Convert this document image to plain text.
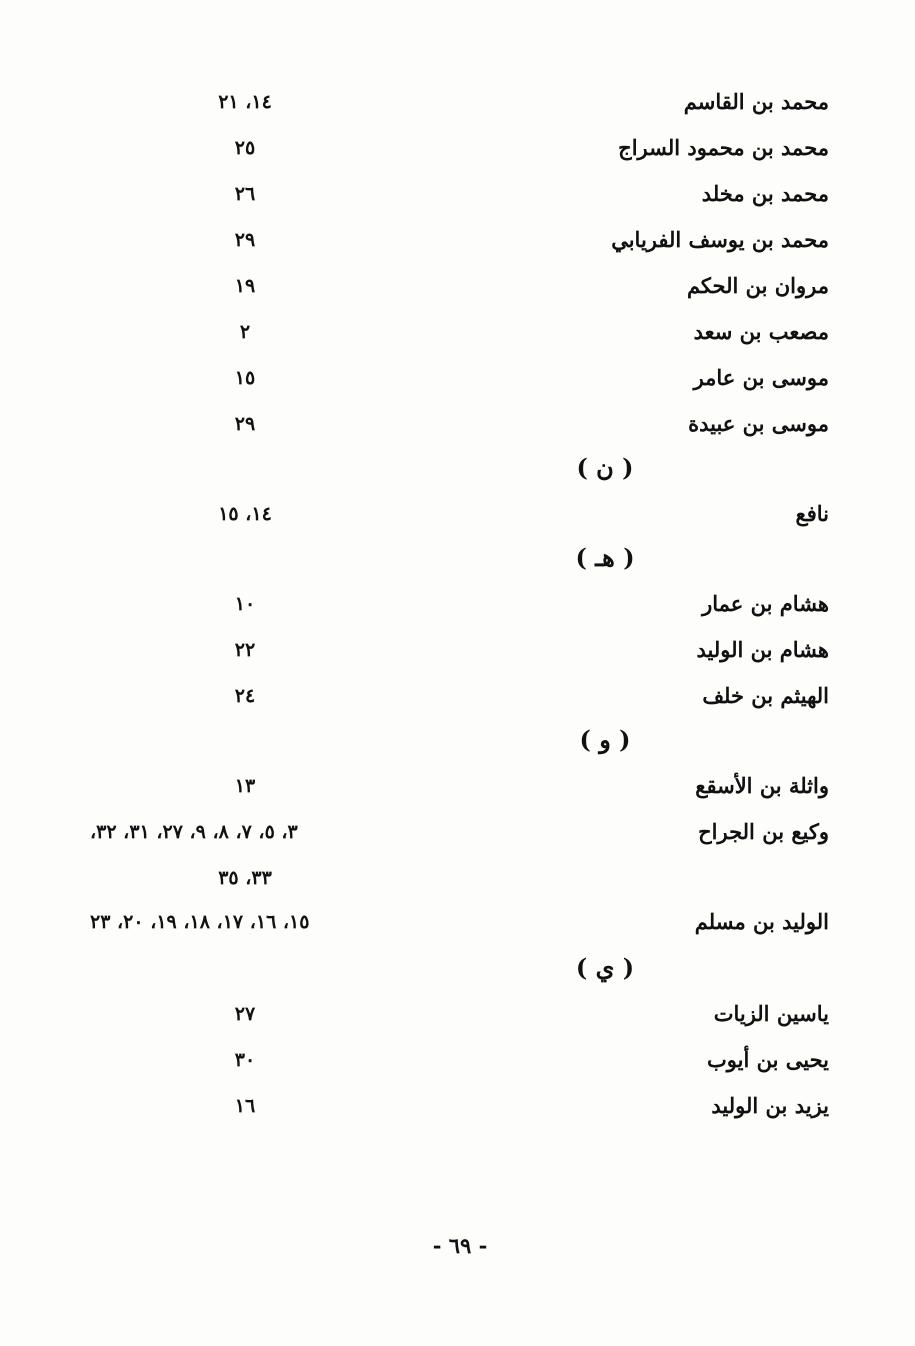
محمد بن القاسم
١٤، ٢١
محمد بن محمود السراج
٢٥
محمد بن مخلد
٢٦
محمد بن يوسف الفريابي
٢٩
مروان بن الحكم
١٩
مصعب بن سعد
٢
موسى بن عامر
١٥
موسى بن عبيدة
٢٩
( ن )
نافع
١٤، ١٥
( هـ )
هشام بن عمار
١٠
هشام بن الوليد
٢٢
الهيثم بن خلف
٢٤
( و )
واثلة بن الأسقع
١٣
وكيع بن الجراح
٣، ٥، ٧، ٨، ٩، ٢٧، ٣١، ٣٢،
٣٣، ٣٥
الوليد بن مسلم
١٥، ١٦، ١٧، ١٨، ١٩، ٢٠، ٢٣
( ي )
ياسين الزيات
٢٧
يحيى بن أيوب
٣٠
يزيد بن الوليد
١٦
- ٦٩ -
